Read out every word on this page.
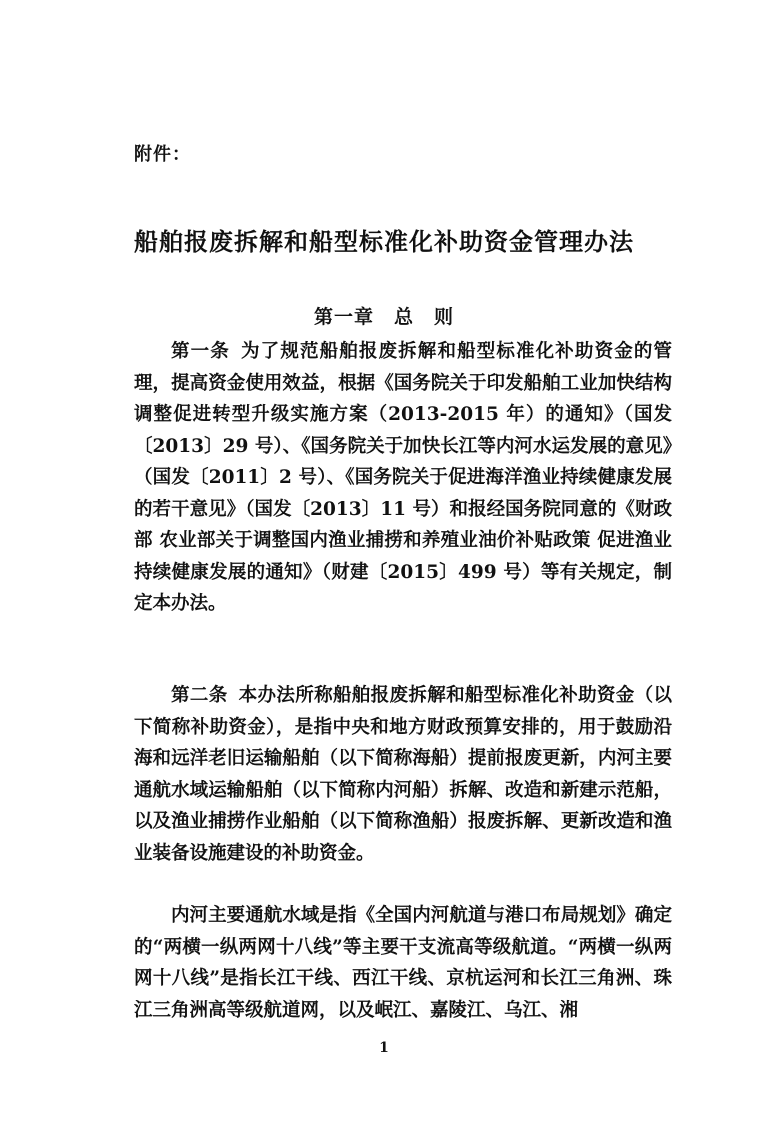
附件：
船舶报废拆解和船型标准化补助资金管理办法
第一章　总　则

第一条 为了规范船舶报废拆解和船型标准化补助资金的管理，提高资金使用效益，根据《国务院关于印发船舶工业加快结构调整促进转型升级实施方案（2013-2015 年）的通知》（国发〔2013〕29 号）、《国务院关于加快长江等内河水运发展的意见》（国发〔2011〕2 号）、《国务院关于促进海洋渔业持续健康发展的若干意见》（国发〔2013〕11 号）和报经国务院同意的《财政部 农业部关于调整国内渔业捕捞和养殖业油价补贴政策 促进渔业持续健康发展的通知》（财建〔2015〕499 号）等有关规定，制定本办法。

第二条 本办法所称船舶报废拆解和船型标准化补助资金（以下简称补助资金），是指中央和地方财政预算安排的，用于鼓励沿海和远洋老旧运输船舶（以下简称海船）提前报废更新，内河主要通航水域运输船舶（以下简称内河船）拆解、改造和新建示范船，以及渔业捕捞作业船舶（以下简称渔船）报废拆解、更新改造和渔业装备设施建设的补助资金。

内河主要通航水域是指《全国内河航道与港口布局规划》确定的“两横一纵两网十八线”等主要干支流高等级航道。“两横一纵两网十八线”是指长江干线、西江干线、京杭运河和长江三角洲、珠江三角洲高等级航道网，以及岷江、嘉陵江、乌江、湘

1
